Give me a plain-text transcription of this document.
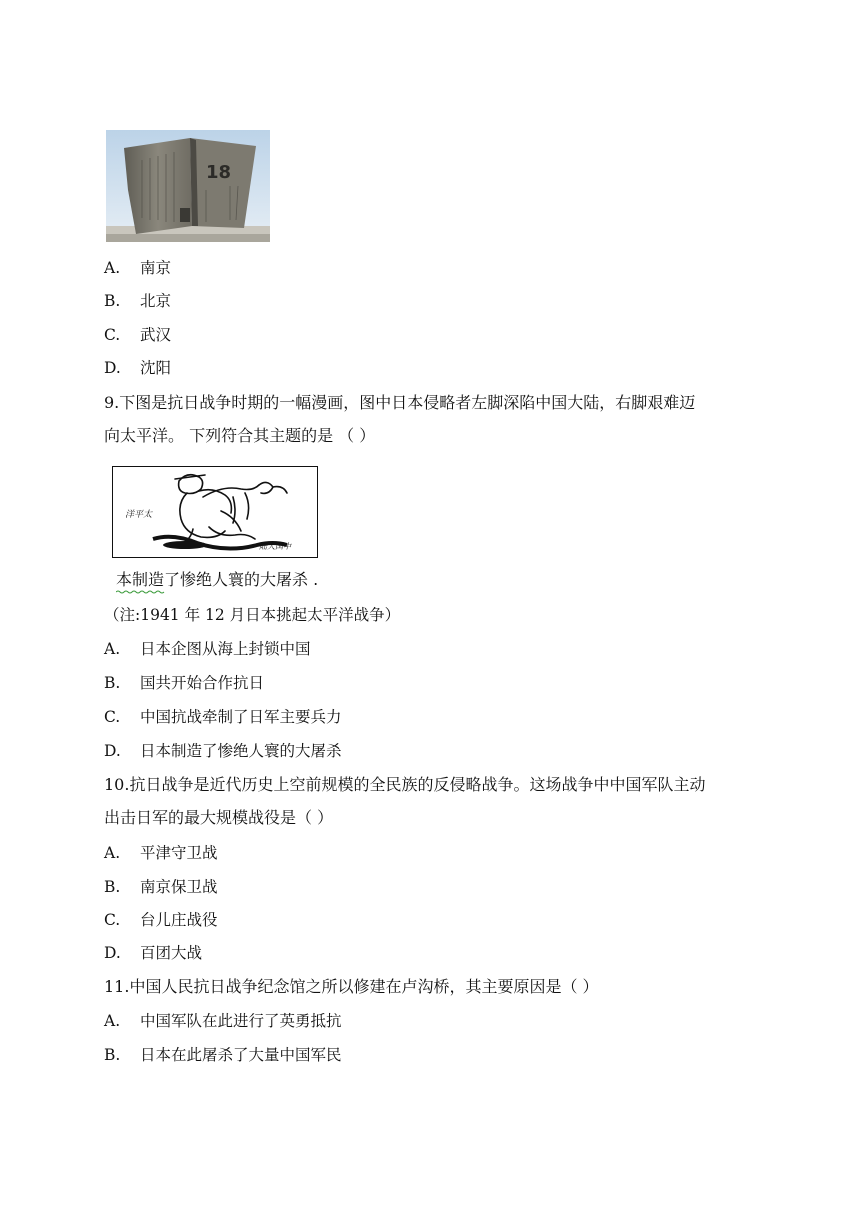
18
A. 南京
B. 北京
C. 武汉
D. 沈阳
9.下图是抗日战争时期的一幅漫画，图中日本侵略者左脚深陷中国大陆，右脚艰难迈
向太平洋。 下列符合其主题的是 （ ）
洋平太
陆大国中
本制造了惨绝人寰的大屠杀 .
（注:1941 年 12 月日本挑起太平洋战争）
A. 日本企图从海上封锁中国
B. 国共开始合作抗日
C. 中国抗战牵制了日军主要兵力
D. 日本制造了惨绝人寰的大屠杀
10.抗日战争是近代历史上空前规模的全民族的反侵略战争。这场战争中中国军队主动
出击日军的最大规模战役是（ ）
A. 平津守卫战
B. 南京保卫战
C. 台儿庄战役
D. 百团大战
11.中国人民抗日战争纪念馆之所以修建在卢沟桥，其主要原因是（ ）
A. 中国军队在此进行了英勇抵抗
B. 日本在此屠杀了大量中国军民
